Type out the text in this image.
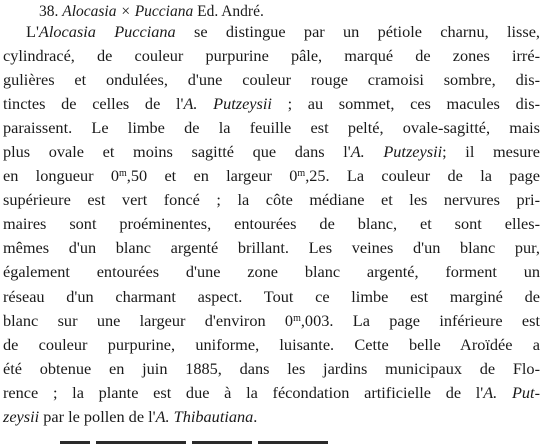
38. Alocasia × Pucciana Ed. André.
L'Alocasia Pucciana se distingue par un pétiole charnu, lisse,
cylindracé, de couleur purpurine pâle, marqué de zones irré-
gulières et ondulées, d'une couleur rouge cramoisi sombre, dis-
tinctes de celles de l'A. Putzeysii ; au sommet, ces macules dis-
paraissent. Le limbe de la feuille est pelté, ovale-sagitté, mais
plus ovale et moins sagitté que dans l'A. Putzeysii; il mesure
en longueur 0$^m$,50 et en largeur 0$^m$,25. La couleur de la page
supérieure est vert foncé ; la côte médiane et les nervures pri-
maires sont proéminentes, entourées de blanc, et sont elles-
mêmes d'un blanc argenté brillant. Les veines d'un blanc pur,
également entourées d'une zone blanc argenté, forment un
réseau d'un charmant aspect. Tout ce limbe est marginé de
blanc sur une largeur d'environ 0$^m$,003. La page inférieure est
de couleur purpurine, uniforme, luisante. Cette belle Aroïdée a
été obtenue en juin 1885, dans les jardins municipaux de Flo-
rence ; la plante est due à la fécondation artificielle de l'A. Put-
zeysii par le pollen de l'A. Thibautiana.
